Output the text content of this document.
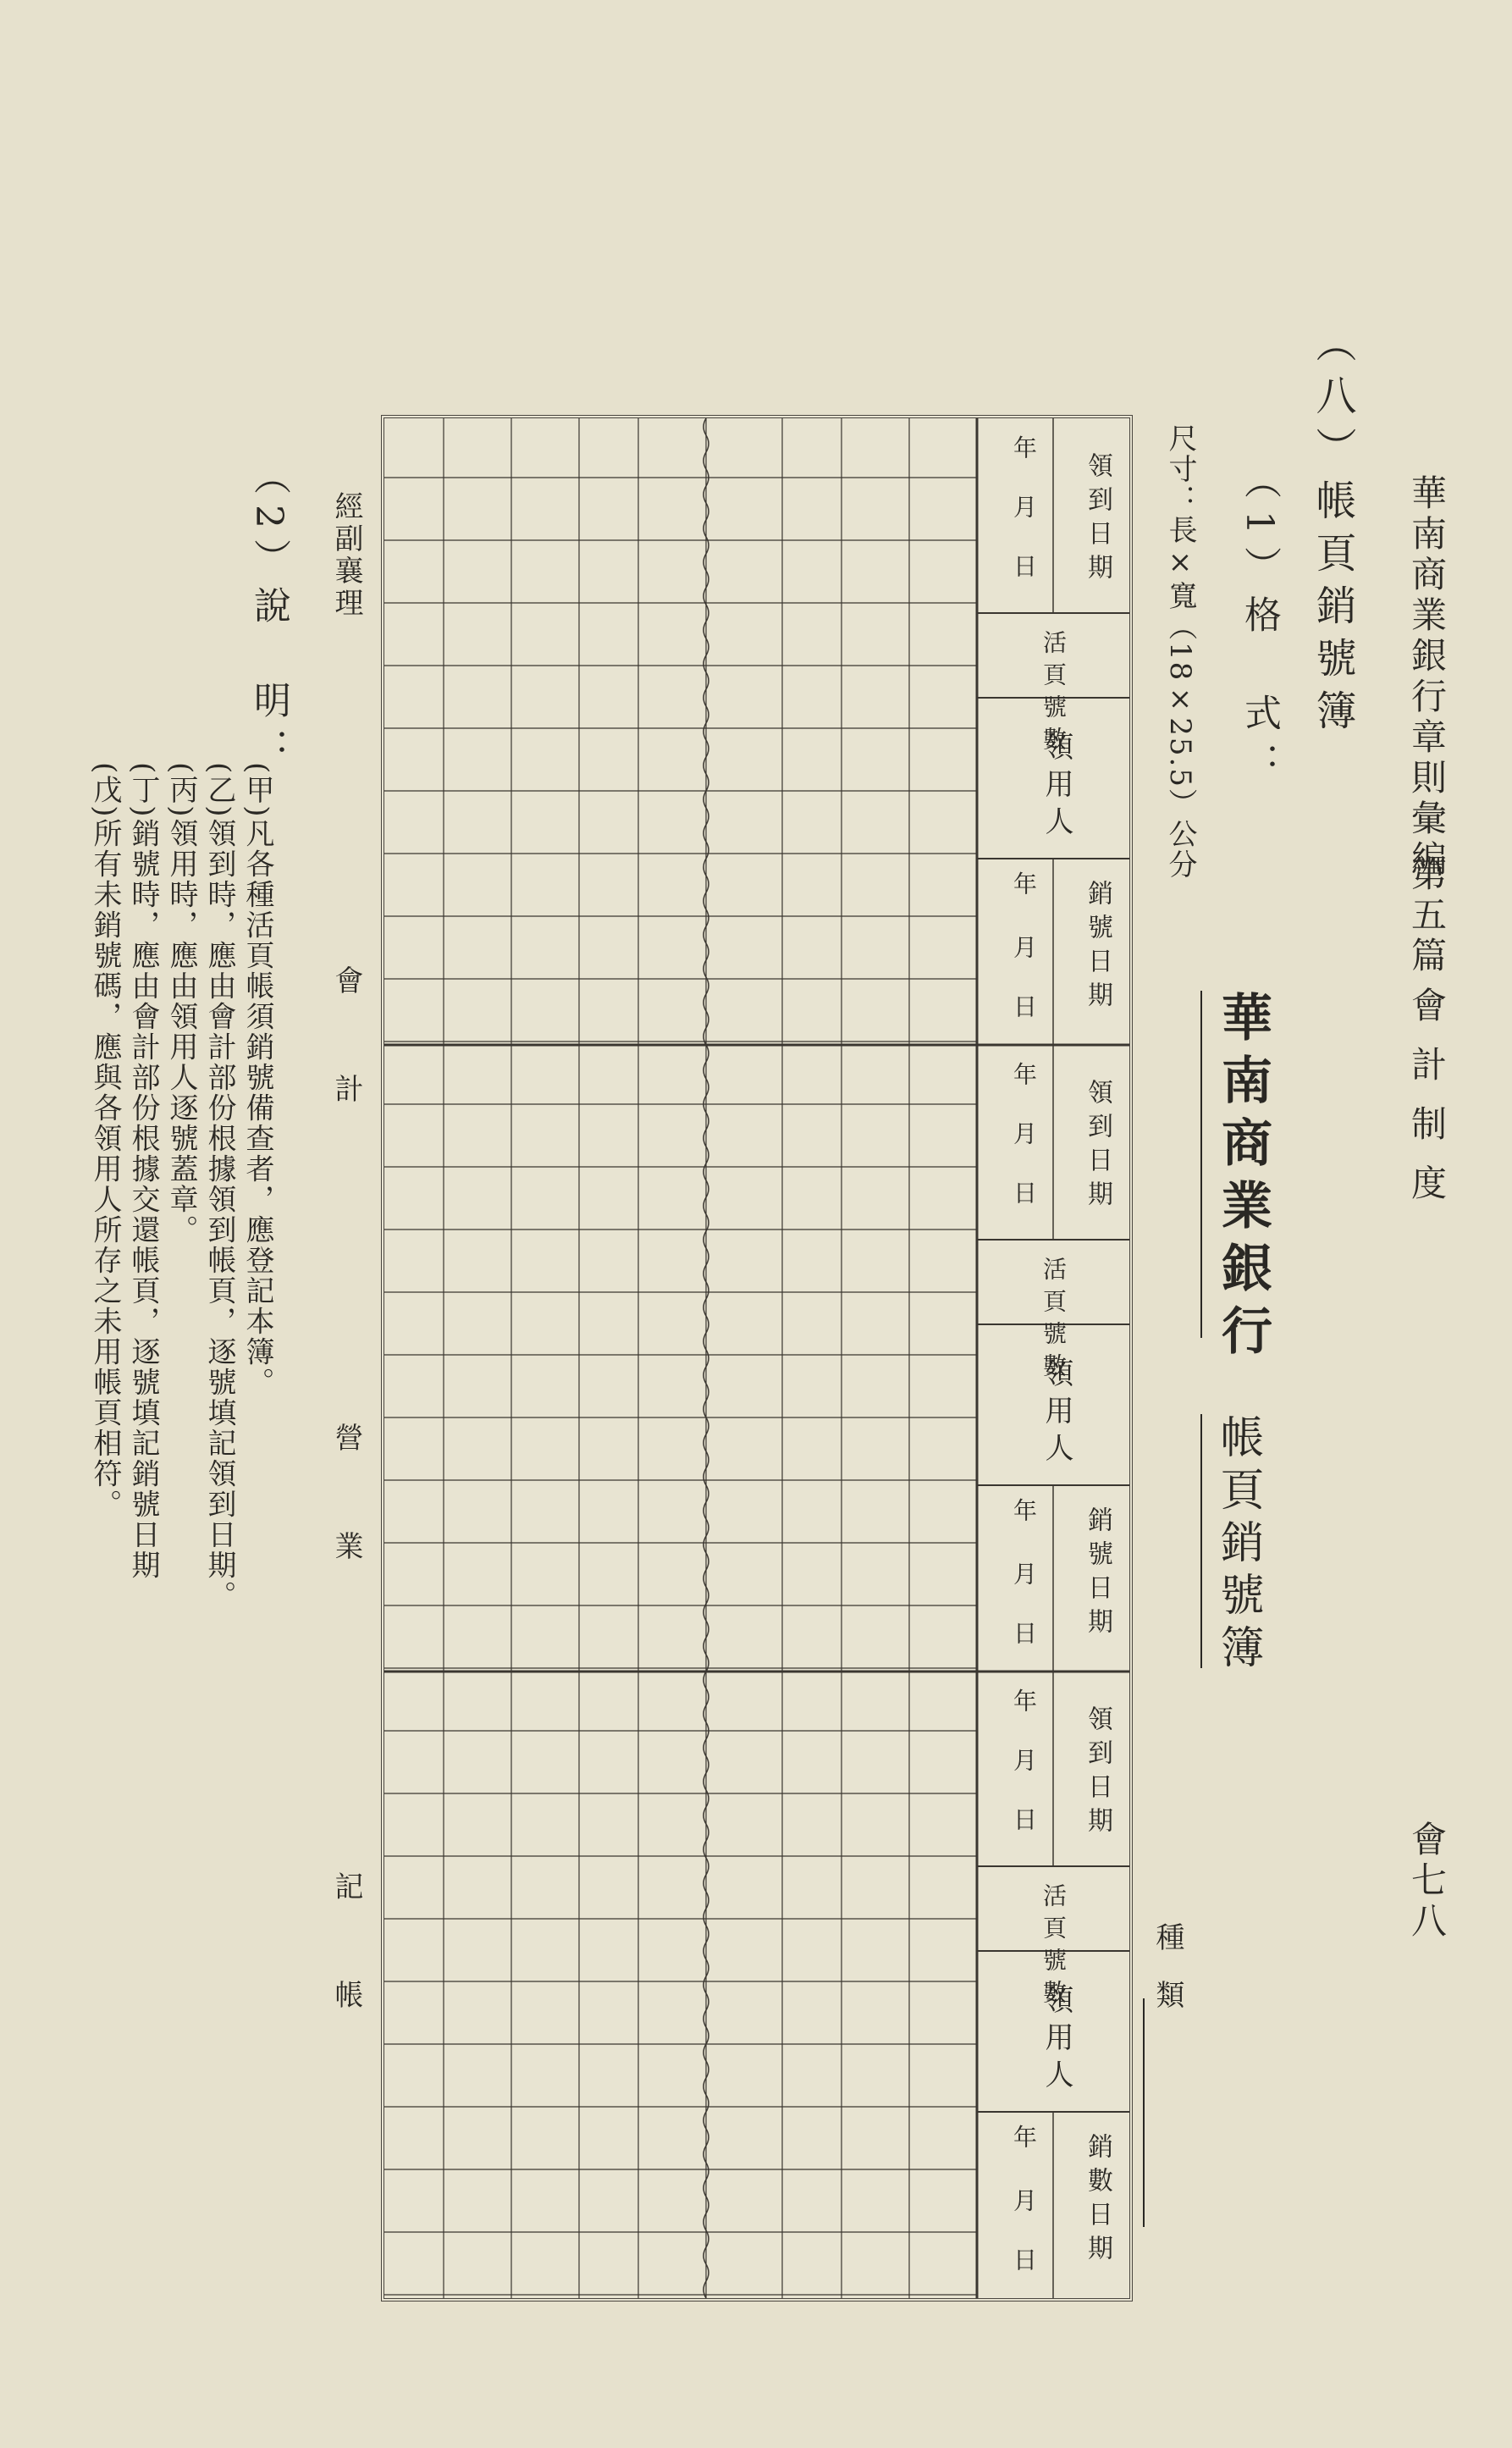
華南商業銀行章則彙編
第五篇
會計制度
會七八
（八）帳頁銷號簿
（1）格　式：
尺寸：長×寬（18×25.5）公分
華南商業銀行
帳頁銷號簿
種　類
領到日期
年
月
日
活頁號數
領用人
銷號日期
年
月
日
領到日期
年
月
日
活頁號數
領用人
銷號日期
年
月
日
領到日期
年
月
日
活頁號數
領用人
銷數日期
年
月
日
經副襄理
會　計
營　業
記　帳
（2）說　明：
(甲)凡各種活頁帳須銷號備查者，應登記本簿。
(乙)領到時，應由會計部份根據領到帳頁，逐號填記領到日期。
(丙)領用時，應由領用人逐號蓋章。
(丁)銷號時，應由會計部份根據交還帳頁，逐號填記銷號日期
(戊)所有未銷號碼，應與各領用人所存之未用帳頁相符。
